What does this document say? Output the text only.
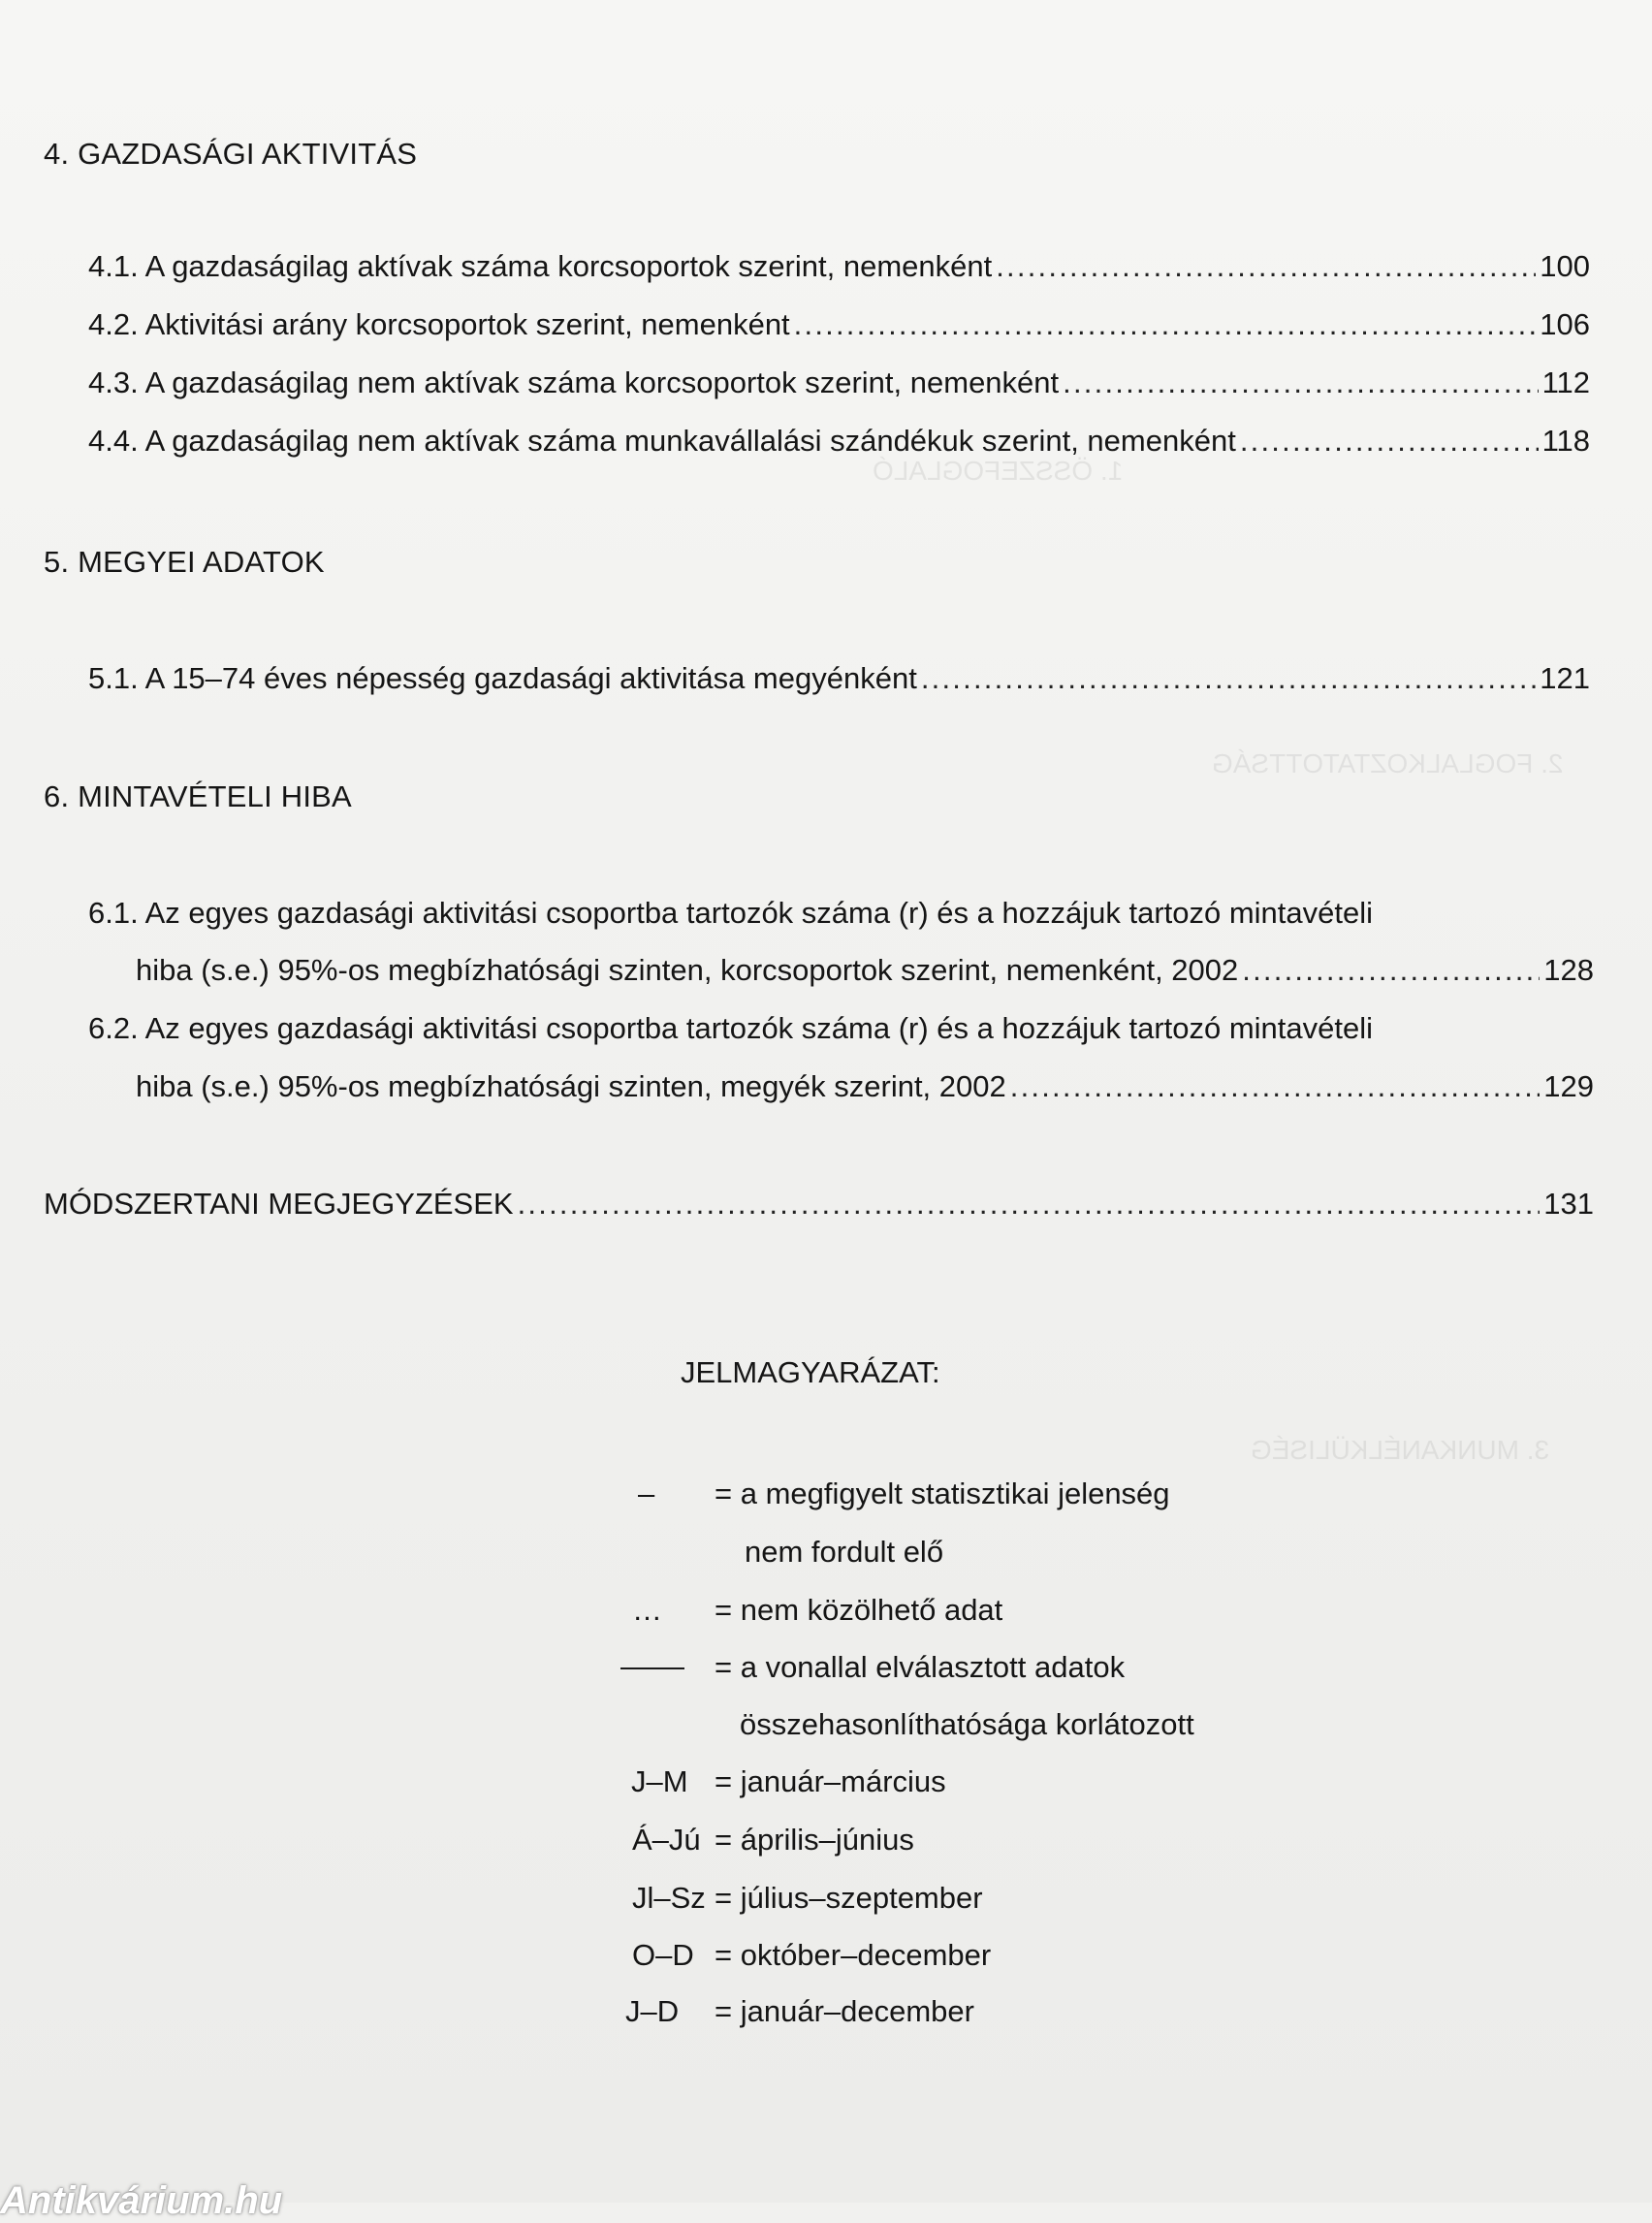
1. ÖSSZEFOGLALÓ
2. FOGLALKOZTATOTTSÁG
3. MUNKANÉLKÜLISÉG
4. GAZDASÁGI AKTIVITÁS
4.1. A gazdaságilag aktívak száma korcsoportok szerint, nemenként . . .	100
4.2. Aktivitási arány korcsoportok szerint, nemenként . . .	106
4.3. A gazdaságilag nem aktívak száma korcsoportok szerint, nemenként . . .	112
4.4. A gazdaságilag nem aktívak száma munkavállalási szándékuk szerint, nemenként . . .	118
5. MEGYEI ADATOK
5.1. A 15–74 éves népesség gazdasági aktivitása megyénként . . .	121
6. MINTAVÉTELI HIBA
6.1. Az egyes gazdasági aktivitási csoportba tartozók száma (r) és a hozzájuk tartozó mintavételi
hiba (s.e.) 95%-os megbízhatósági szinten, korcsoportok szerint, nemenként, 2002 . . .	128
6.2. Az egyes gazdasági aktivitási csoportba tartozók száma (r) és a hozzájuk tartozó mintavételi
hiba (s.e.) 95%-os megbízhatósági szinten, megyék szerint, 2002 . . .	129
MÓDSZERTANI MEGJEGYZÉSEK . . .	131
JELMAGYARÁZAT:
– = a megfigyelt statisztikai jelenség
nem fordult elő
… = nem közölhető adat
= a vonallal elválasztott adatok
összehasonlíthatósága korlátozott
J–M = január–március
Á–Jú = április–június
Jl–Sz = július–szeptember
O–D = október–december
J–D = január–december
Antikvárium.hu
